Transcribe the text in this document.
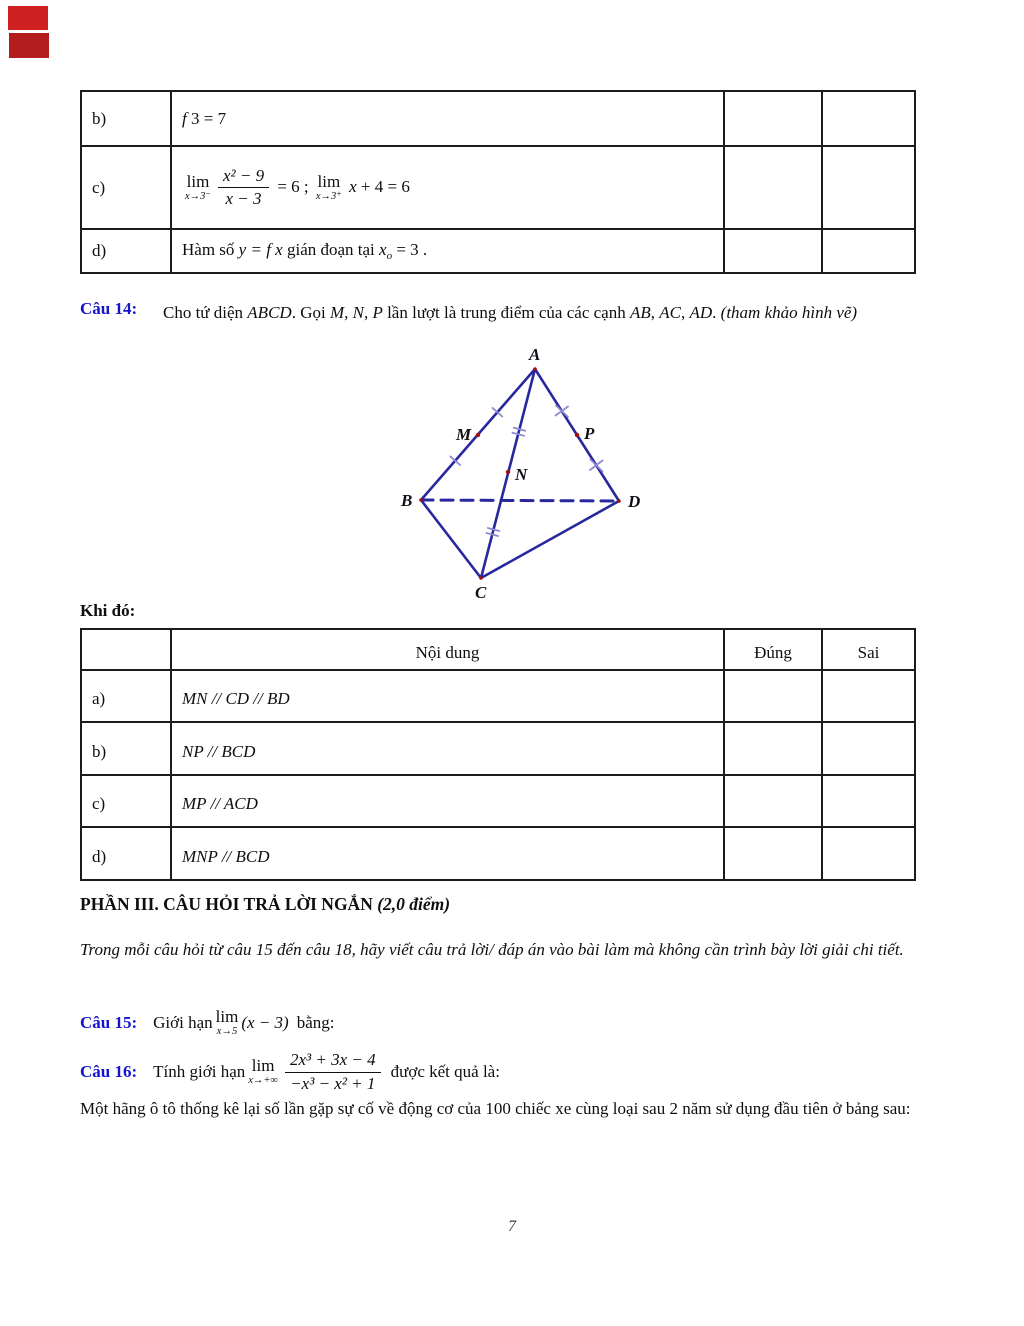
b)	f 3 = 7		
c)	lim
$x\to 3^- \frac{\text{x² − 9}}{x - 3} = 6$ ; lim
x→3⁺
x + 4 = 6		
d)	Hàm số y = f x gián đoạn tại $x_o = 3$ .		
Câu 14:	Cho tứ diện ABCD. Gọi M, N, P lần lượt là trung điểm của các cạnh AB, AC, AD. (tham khảo hình vẽ)
A
B
C
D
M
N
P
Khi đó:
	Nội dung	Đúng	Sai
a)	MN // CD // BD		
b)	NP // BCD		
c)	MP // ACD		
d)	MNP // BCD		
PHẦN III. CÂU HỎI TRẢ LỜI NGẮN (2,0 điểm)

Trong mỗi câu hỏi từ câu 15 đến câu 18, hãy viết câu trả lời/ đáp án vào bài làm mà không cần trình bày lời giải chi tiết.

Câu 15: Giới hạn lim
x→5 (x − 3) bằng:
Câu 16: Tính giới hạn lim
$x\to+\infty \frac{\text{2x³ + 3x − 4}}{\text{−x³ − x² + 1}}$ được kết quả là:

Một hãng ô tô thống kê lại số lần gặp sự cố về động cơ của 100 chiếc xe cùng loại sau 2 năm sử dụng đầu tiên ở bảng sau:

7
